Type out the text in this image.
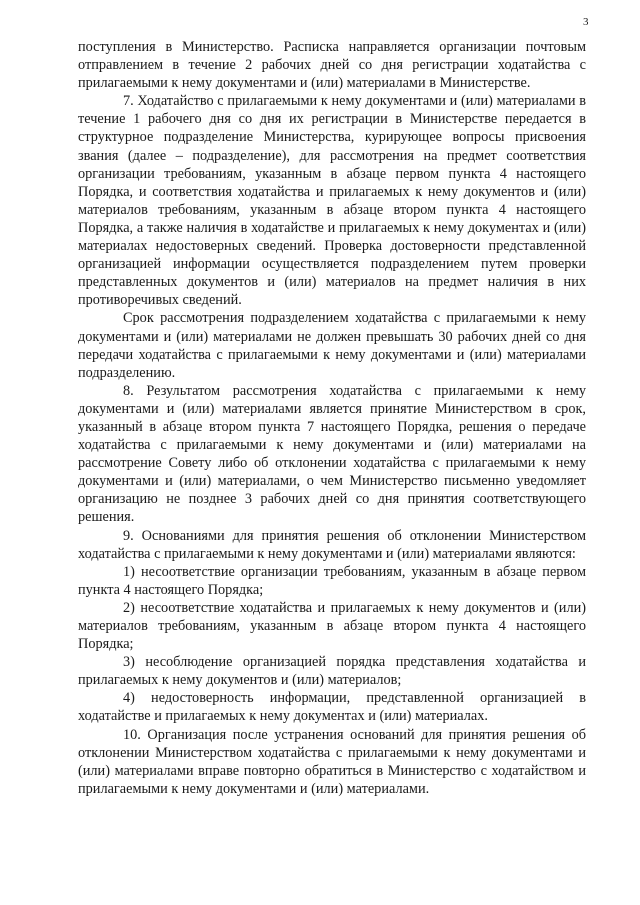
3

поступления в Министерство. Расписка направляется организации почтовым отправлением в течение 2 рабочих дней со дня регистрации ходатайства с прилагаемыми к нему документами и (или) материалами в Министерстве.

7. Ходатайство с прилагаемыми к нему документами и (или) материалами в течение 1 рабочего дня со дня их регистрации в Министерстве передается в структурное подразделение Министерства, курирующее вопросы присвоения звания (далее – подразделение), для рассмотрения на предмет соответствия организации требованиям, указанным в абзаце первом пункта 4 настоящего Порядка, и соответствия ходатайства и прилагаемых к нему документов и (или) материалов требованиям, указанным в абзаце втором пункта 4 настоящего Порядка, а также наличия в ходатайстве и прилагаемых к нему документах и (или) материалах недостоверных сведений. Проверка достоверности представленной организацией информации осуществляется подразделением путем проверки представленных документов и (или) материалов на предмет наличия в них противоречивых сведений.

Срок рассмотрения подразделением ходатайства с прилагаемыми к нему документами и (или) материалами не должен превышать 30 рабочих дней со дня передачи ходатайства с прилагаемыми к нему документами и (или) материалами подразделению.

8. Результатом рассмотрения ходатайства с прилагаемыми к нему документами и (или) материалами является принятие Министерством в срок, указанный в абзаце втором пункта 7 настоящего Порядка, решения о передаче ходатайства с прилагаемыми к нему документами и (или) материалами на рассмотрение Совету либо об отклонении ходатайства с прилагаемыми к нему документами и (или) материалами, о чем Министерство письменно уведомляет организацию не позднее 3 рабочих дней со дня принятия соответствующего решения.

9. Основаниями для принятия решения об отклонении Министерством ходатайства с прилагаемыми к нему документами и (или) материалами являются:

1) несоответствие организации требованиям, указанным в абзаце первом пункта 4 настоящего Порядка;

2) несоответствие ходатайства и прилагаемых к нему документов и (или) материалов требованиям, указанным в абзаце втором пункта 4 настоящего Порядка;

3) несоблюдение организацией порядка представления ходатайства и прилагаемых к нему документов и (или) материалов;

4) недостоверность информации, представленной организацией в ходатайстве и прилагаемых к нему документах и (или) материалах.

10. Организация после устранения оснований для принятия решения об отклонении Министерством ходатайства с прилагаемыми к нему документами и (или) материалами вправе повторно обратиться в Министерство с ходатайством и прилагаемыми к нему документами и (или) материалами.
